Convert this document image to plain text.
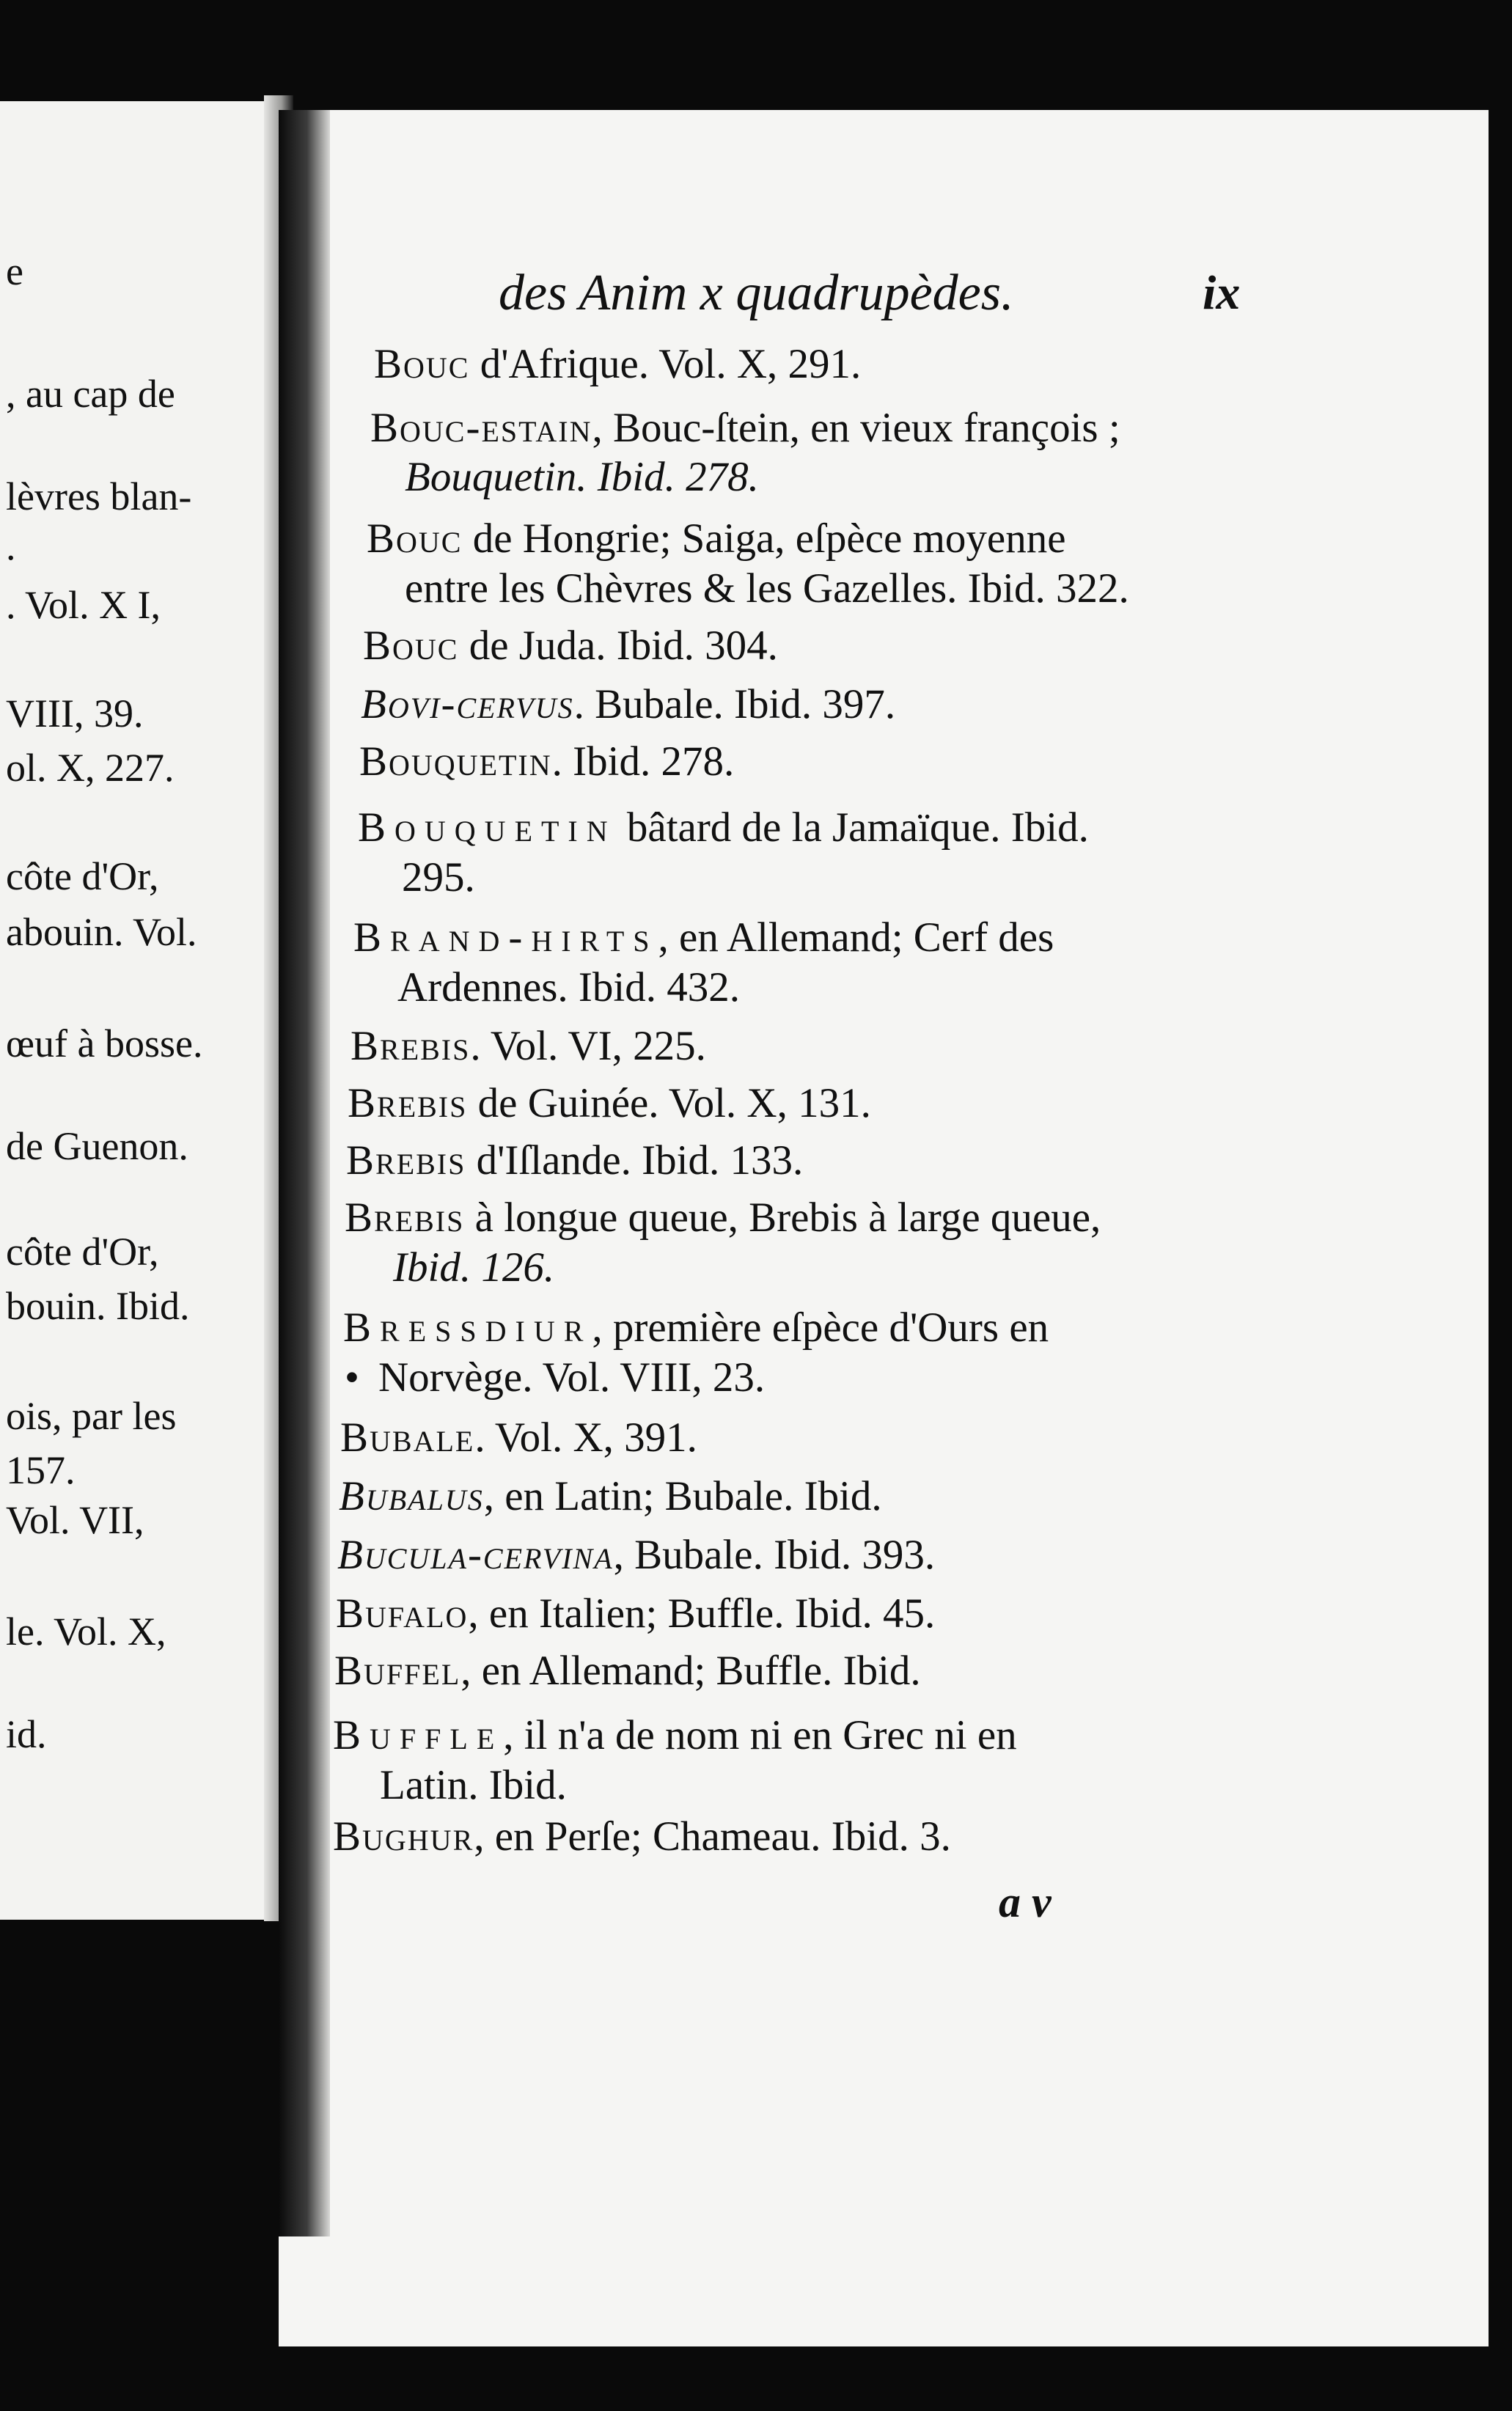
e
, au cap de
lèvres blan-
.
. Vol. X I,
VIII, 39.
ol. X, 227.
côte d'Or,
abouin. Vol.
œuf à bosse.
de Guenon.
côte d'Or,
bouin. Ibid.
ois, par les
157.
Vol. VII,
le. Vol. X,
id.
des Anim x quadrupèdes.	ix
Bouc d'Afrique. Vol. X, 291.
Bouc-estain, Bouc-ſtein, en vieux françois ;
Bouquetin. Ibid. 278.
Bouc de Hongrie; Saiga, eſpèce moyenne
entre les Chèvres & les Gazelles. Ibid. 322.
Bouc de Juda. Ibid. 304.
Bovi-cervus. Bubale. Ibid. 397.
Bouquetin. Ibid. 278.
Bouquetin bâtard de la Jamaïque. Ibid.
295.
Brand-hirts, en Allemand; Cerf des
Ardennes. Ibid. 432.
Brebis. Vol. VI, 225.
Brebis de Guinée. Vol. X, 131.
Brebis d'Iſlande. Ibid. 133.
Brebis à longue queue, Brebis à large queue,
Ibid. 126.
Bressdiur, première eſpèce d'Ours en
• Norvège. Vol. VIII, 23.
Bubale. Vol. X, 391.
Bubalus, en Latin; Bubale. Ibid.
Bucula-cervina, Bubale. Ibid. 393.
Bufalo, en Italien; Buffle. Ibid. 45.
Buffel, en Allemand; Buffle. Ibid.
Buffle, il n'a de nom ni en Grec ni en
Latin. Ibid.
Bughur, en Perſe; Chameau. Ibid. 3.
a v
